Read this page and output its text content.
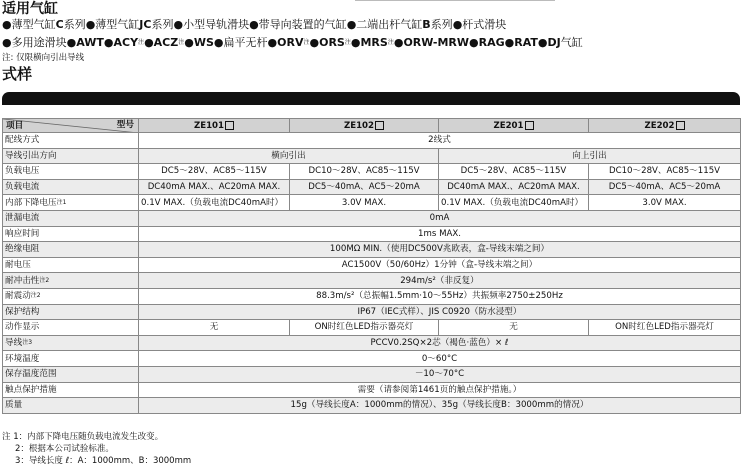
适用气缸
●薄型气缸C系列●薄型气缸JC系列●小型导轨滑块●带导向装置的气缸●二端出杆气缸B系列●杆式滑块
●多用途滑块$●AWT●ACY^注●ACZ^注●WS●$扁平无杆$●ORV^注●ORS^注●MRS^注●ORW-MRW●RAG●RAT●DJ$气缸
注: 仅限横向引出导线
式样
项目 型号	ZE101	ZE102	ZE201	ZE202
配线方式	2线式			
导线引出方向	横向引出		向上引出	
负载电压	DC5～28V、AC85～115V	DC10～28V、AC85～115V	DC5～28V、AC85～115V	DC10～28V、AC85～115V
负载电流	DC40mA MAX.、AC20mA MAX.	DC5～40mA、AC5～20mA	DC40mA MAX.、AC20mA MAX.	DC5～40mA、AC5～20mA
内部下降电压$^{注1}$	0.1V MAX.（负载电流DC40mA时）	3.0V MAX.	0.1V MAX.（负载电流DC40mA时）	3.0V MAX.
泄漏电流	0mA			
响应时间	1ms MAX.			
绝缘电阻	100MΩ MIN.（使用DC500V兆欧表，盒-导线末端之间）			
耐电压	AC1500V（50/60Hz）1分钟（盒-导线末端之间）			
耐冲击性$^{注2}$	294m/s²（非反复）			
耐震动$^{注2}$	88.3m/s²（总振幅1.5mm·10～55Hz）共振频率2750±250Hz			
保护结构	IP67（IEC式样）、JIS C0920（防水浸型）			
动作显示	无	ON时红色LED指示器亮灯	无	ON时红色LED指示器亮灯
导线$^{注3}$	PCCV0.2SQ×2芯（褐色·蓝色）× ℓ			
环境温度	0～60°C			
保存温度范围	－10～70°C			
触点保护措施	需要（请参阅第1461页的触点保护措施。）			
质量	15g（导线长度A：1000mm的情况）、35g（导线长度B：3000mm的情况）			
注 1：内部下降电压随负载电流发生改变。
2：根据本公司试验标准。
3：导线长度 ℓ：A：1000mm、B：3000mm
